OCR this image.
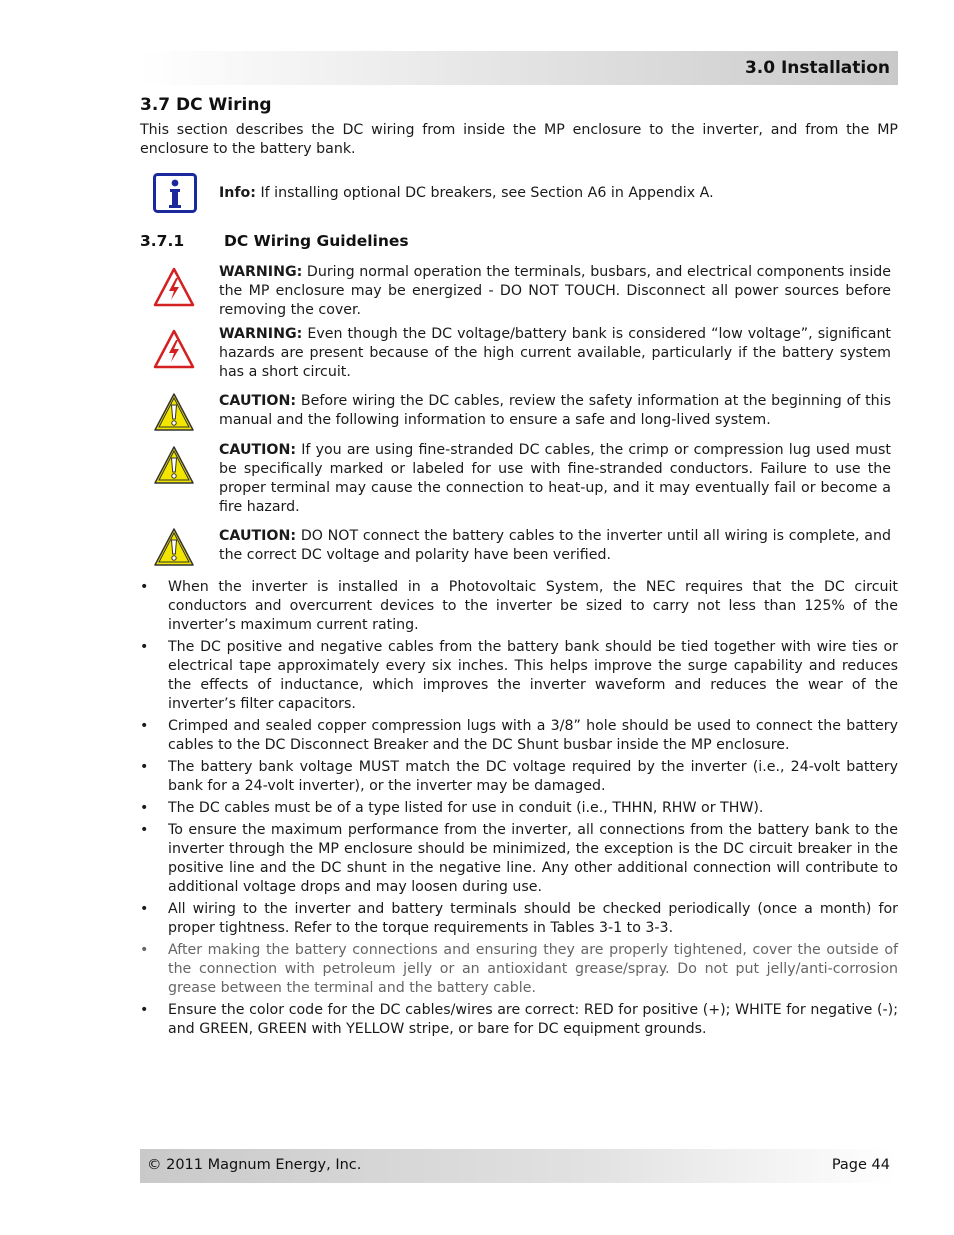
3.0 Installation
3.7 DC Wiring

This section describes the DC wiring from inside the MP enclosure to the inverter, and from the MP enclosure to the battery bank.

Info: If installing optional DC breakers, see Section A6 in Appendix A.
3.7.1	DC Wiring Guidelines

WARNING: During normal operation the terminals, busbars, and electrical components inside the MP enclosure may be energized - DO NOT TOUCH. Disconnect all power sources before removing the cover.

WARNING: Even though the DC voltage/battery bank is considered “low voltage”, significant hazards are present because of the high current available, particularly if the battery system has a short circuit.

CAUTION: Before wiring the DC cables, review the safety information at the beginning of this manual and the following information to ensure a safe and long-lived system.

CAUTION: If you are using fine-stranded DC cables, the crimp or compression lug used must be specifically marked or labeled for use with fine-stranded conductors. Failure to use the proper terminal may cause the connection to heat-up, and it may eventually fail or become a fire hazard.

CAUTION: DO NOT connect the battery cables to the inverter until all wiring is complete, and the correct DC voltage and polarity have been verified.

• When the inverter is installed in a Photovoltaic System, the NEC requires that the DC circuit conductors and overcurrent devices to the inverter be sized to carry not less than 125% of the inverter’s maximum current rating.
• The DC positive and negative cables from the battery bank should be tied together with wire ties or electrical tape approximately every six inches. This helps improve the surge capability and reduces the effects of inductance, which improves the inverter waveform and reduces the wear of the inverter’s filter capacitors.
• Crimped and sealed copper compression lugs with a 3/8” hole should be used to connect the battery cables to the DC Disconnect Breaker and the DC Shunt busbar inside the MP enclosure.
• The battery bank voltage MUST match the DC voltage required by the inverter (i.e., 24-volt battery bank for a 24-volt inverter), or the inverter may be damaged.
• The DC cables must be of a type listed for use in conduit (i.e., THHN, RHW or THW).
• To ensure the maximum performance from the inverter, all connections from the battery bank to the inverter through the MP enclosure should be minimized, the exception is the DC circuit breaker in the positive line and the DC shunt in the negative line. Any other additional connection will contribute to additional voltage drops and may loosen during use.
• All wiring to the inverter and battery terminals should be checked periodically (once a month) for proper tightness. Refer to the torque requirements in Tables 3-1 to 3-3.
• After making the battery connections and ensuring they are properly tightened, cover the outside of the connection with petroleum jelly or an antioxidant grease/spray. Do not put jelly/anti-corrosion grease between the terminal and the battery cable.
• Ensure the color code for the DC cables/wires are correct: RED for positive (+); WHITE for negative (-); and GREEN, GREEN with YELLOW stripe, or bare for DC equipment grounds.
© 2011 Magnum Energy, Inc.	Page 44
